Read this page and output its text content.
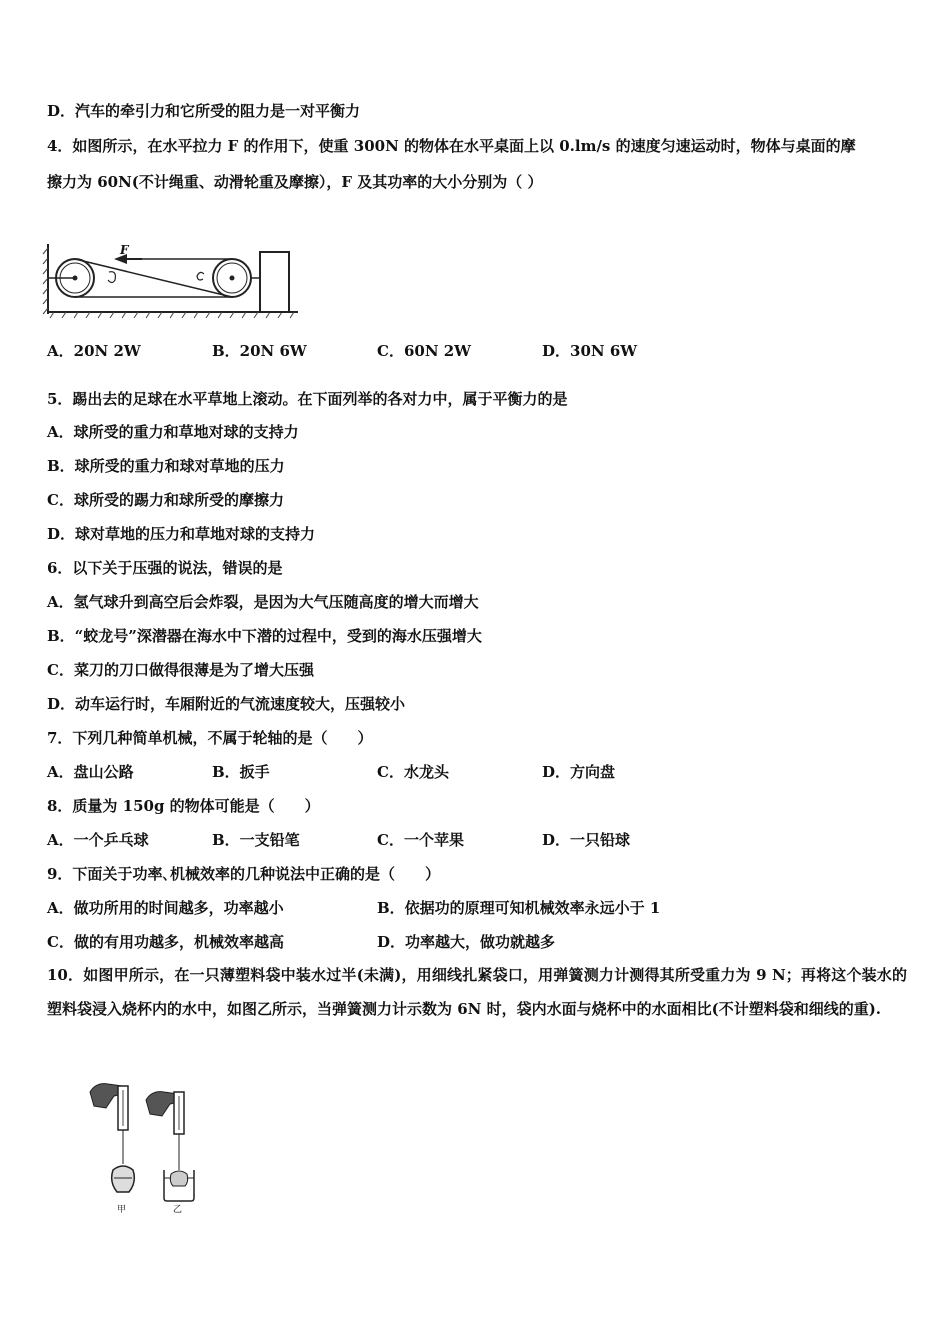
D．汽车的牵引力和它所受的阻力是一对平衡力
4．如图所示，在水平拉力 F 的作用下，使重 300N 的物体在水平桌面上以 0.lm/s 的速度匀速运动时，物体与桌面的摩
擦力为 60N(不计绳重、动滑轮重及摩擦），F 及其功率的大小分别为（ ）
F
A．20N 2W	B．20N 6W	C．60N 2W	D．30N 6W
5．踢出去的足球在水平草地上滚动。在下面列举的各对力中，属于平衡力的是
A．球所受的重力和草地对球的支持力
B．球所受的重力和球对草地的压力
C．球所受的踢力和球所受的摩擦力
D．球对草地的压力和草地对球的支持力
6．以下关于压强的说法，错误的是
A．氢气球升到高空后会炸裂，是因为大气压随高度的增大而增大
B．“蛟龙号”深潜器在海水中下潜的过程中，受到的海水压强增大
C．菜刀的刀口做得很薄是为了增大压强
D．动车运行时，车厢附近的气流速度较大，压强较小
7．下列几种简单机械，不属于轮轴的是（　　）
A．盘山公路	B．扳手	C．水龙头	D．方向盘
8．质量为 150g 的物体可能是（　　）
A．一个乒乓球	B．一支铅笔	C．一个苹果	D．一只铅球
9．下面关于功率､机械效率的几种说法中正确的是（　　）
A．做功所用的时间越多，功率越小	B．依据功的原理可知机械效率永远小于 1
C．做的有用功越多，机械效率越高	D．功率越大，做功就越多
10．如图甲所示，在一只薄塑料袋中装水过半(未满)，用细线扎紧袋口，用弹簧测力计测得其所受重力为 9 N；再将这个装水的塑料袋浸入烧杯内的水中，如图乙所示，当弹簧测力计示数为 6N 时，袋内水面与烧杯中的水面相比(不计塑料袋和细线的重).
甲	乙
